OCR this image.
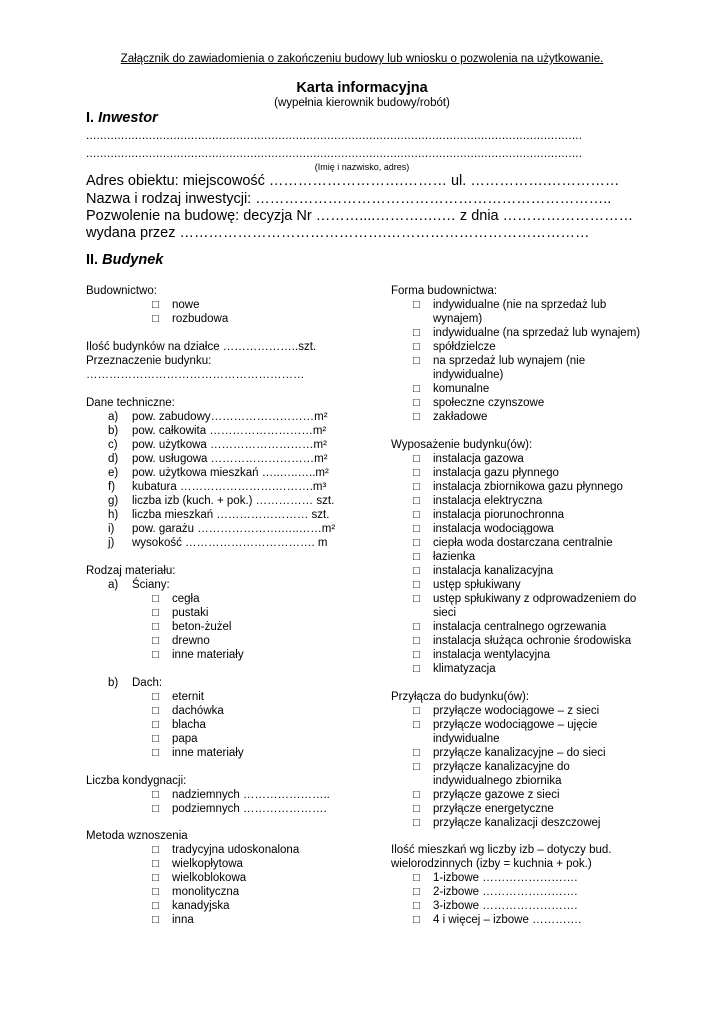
Załącznik do zawiadomienia o zakończeniu budowy lub wniosku o pozwolenia na użytkowanie.
Karta informacyjna
(wypełnia kierownik budowy/robót)
I. Inwestor
..............................................................................................................................................
..............................................................................................................................................
(Imię i nazwisko, adres)
Adres obiektu: miejscowość ……………………….……… ul. …………….……………
Nazwa i rodzaj inwestycji: ………………………………………………………………..
Pozwolenie na budowę: decyzja Nr ………....……….….… z dnia ………………………
wydana przez …………………………………….……………………………………
II. Budynek
Budownictwo:
□ nowe
□ rozbudowa
Ilość budynków na działce ………………..szt.
Przeznaczenie budynku:
…………………………………………………
Dane techniczne:
a) pow. zabudowy………………………m²
b) pow. całkowita ………………………m²
c) pow. użytkowa ………………………m²
d) pow. usługowa ………………………m²
e) pow. użytkowa mieszkań …..…..…..m²
f) kubatura …………………….……….m³
g) liczba izb (kuch. + pok.) …………… szt.
h) liczba mieszkań …………………… szt.
i) pow. garażu ………………….…..……m²
j) wysokość ……………………………. m
Rodzaj materiału:
a) Ściany:
□ cegła
□ pustaki
□ beton-żużel
□ drewno
□ inne materiały
b) Dach:
□ eternit
□ dachówka
□ blacha
□ papa
□ inne materiały
Liczba kondygnacji:
□ nadziemnych …………………..
□ podziemnych ………………….
Metoda wznoszenia
□ tradycyjna udoskonalona
□ wielkopłytowa
□ wielkoblokowa
□ monolityczna
□ kanadyjska
□ inna
Forma budownictwa:
□ indywidualne (nie na sprzedaż lub
wynajem)
□ indywidualne (na sprzedaż lub wynajem)
□ spółdzielcze
□ na sprzedaż lub wynajem (nie
indywidualne)
□ komunalne
□ społeczne czynszowe
□ zakładowe
Wyposażenie budynku(ów):
□ instalacja gazowa
□ instalacja gazu płynnego
□ instalacja zbiornikowa gazu płynnego
□ instalacja elektryczna
□ instalacja piorunochronna
□ instalacja wodociągowa
□ ciepła woda dostarczana centralnie
□ łazienka
□ instalacja kanalizacyjna
□ ustęp spłukiwany
□ ustęp spłukiwany z odprowadzeniem do
sieci
□ instalacja centralnego ogrzewania
□ instalacja służąca ochronie środowiska
□ instalacja wentylacyjna
□ klimatyzacja
Przyłącza do budynku(ów):
□ przyłącze wodociągowe – z sieci
□ przyłącze wodociągowe – ujęcie
indywidualne
□ przyłącze kanalizacyjne – do sieci
□ przyłącze kanalizacyjne do
indywidualnego zbiornika
□ przyłącze gazowe z sieci
□ przyłącze energetyczne
□ przyłącze kanalizacji deszczowej
Ilość mieszkań wg liczby izb – dotyczy bud.
wielorodzinnych (izby = kuchnia + pok.)
□ 1-izbowe …………………….
□ 2-izbowe …………………….
□ 3-izbowe …………………….
□ 4 i więcej – izbowe ………….
